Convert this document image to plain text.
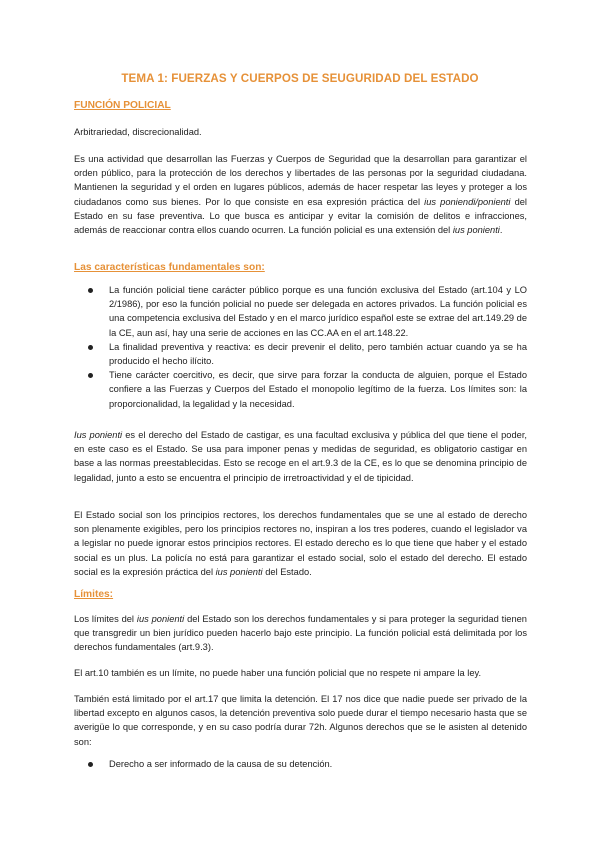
TEMA 1: FUERZAS Y CUERPOS DE SEUGURIDAD DEL ESTADO
FUNCIÓN POLICIAL

Arbitrariedad, discrecionalidad.

Es una actividad que desarrollan las Fuerzas y Cuerpos de Seguridad que la desarrollan para garantizar el orden público, para la protección de los derechos y libertades de las personas por la seguridad ciudadana. Mantienen la seguridad y el orden en lugares públicos, además de hacer respetar las leyes y proteger a los ciudadanos como sus bienes. Por lo que consiste en esa expresión práctica del ius poniendi/ponienti del Estado en su fase preventiva. Lo que busca es anticipar y evitar la comisión de delitos e infracciones, además de reaccionar contra ellos cuando ocurren. La función policial es una extensión del ius ponienti.

Las características fundamentales son:
La función policial tiene carácter público porque es una función exclusiva del Estado (art.104 y LO 2/1986), por eso la función policial no puede ser delegada en actores privados. La función policial es una competencia exclusiva del Estado y en el marco jurídico español este se extrae del art.149.29 de la CE, aun así, hay una serie de acciones en las CC.AA en el art.148.22.
La finalidad preventiva y reactiva: es decir prevenir el delito, pero también actuar cuando ya se ha producido el hecho ilícito.
Tiene carácter coercitivo, es decir, que sirve para forzar la conducta de alguien, porque el Estado confiere a las Fuerzas y Cuerpos del Estado el monopolio legítimo de la fuerza. Los límites son: la proporcionalidad, la legalidad y la necesidad.

Ius ponienti es el derecho del Estado de castigar, es una facultad exclusiva y pública del que tiene el poder, en este caso es el Estado. Se usa para imponer penas y medidas de seguridad, es obligatorio castigar en base a las normas preestablecidas. Esto se recoge en el art.9.3 de la CE, es lo que se denomina principio de legalidad, junto a esto se encuentra el principio de irretroactividad y el de tipicidad.

El Estado social son los principios rectores, los derechos fundamentales que se une al estado de derecho son plenamente exigibles, pero los principios rectores no, inspiran a los tres poderes, cuando el legislador va a legislar no puede ignorar estos principios rectores. El estado derecho es lo que tiene que haber y el estado social es un plus. La policía no está para garantizar el estado social, solo el estado del derecho. El estado social es la expresión práctica del ius ponienti del Estado.

Límites:

Los límites del ius ponienti del Estado son los derechos fundamentales y si para proteger la seguridad tienen que transgredir un bien jurídico pueden hacerlo bajo este principio. La función policial está delimitada por los derechos fundamentales (art.9.3).

El art.10 también es un límite, no puede haber una función policial que no respete ni ampare la ley.

También está limitado por el art.17 que limita la detención. El 17 nos dice que nadie puede ser privado de la libertad excepto en algunos casos, la detención preventiva solo puede durar el tiempo necesario hasta que se averigüe lo que corresponde, y en su caso podría durar 72h. Algunos derechos que se le asisten al detenido son:

Derecho a ser informado de la causa de su detención.
